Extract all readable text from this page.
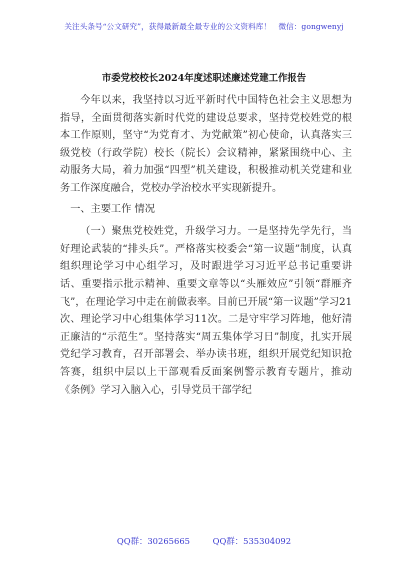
关注头条号“公文研究”，获得最新最全最专业的公文资料库！ 微信：gongwenyj
市委党校校长2024年度述职述廉述党建工作报告

今年以来，我坚持以习近平新时代中国特色社会主义思想为指导，全面贯彻落实新时代党的建设总要求，坚持党校姓党的根本工作原则，坚守“为党育才、为党献策”初心使命，认真落实三级党校（行政学院）校长（院长）会议精神，紧紧围绕中心、主动服务大局，着力加强“四型”机关建设，积极推动机关党建和业务工作深度融合，党校办学治校水平实现新提升。

一、主要工作 情况

（一）聚焦党校姓党，升级学习力。一是坚持先学先行，当好理论武装的“排头兵”。严格落实校委会“第一议题”制度，认真组织理论学习中心组学习，及时跟进学习习近平总书记重要讲话、重要指示批示精神、重要文章等以“头雁效应”引领“群雁齐飞”，在理论学习中走在前做表率。目前已开展“第一议题”学习21次、理论学习中心组集体学习11次。二是守牢学习阵地，他好清正廉洁的“示范生”。坚持落实“周五集体学习日”制度，扎实开展党纪学习教育，召开部署会、举办读书班，组织开展党纪知识抢答赛，组织中层以上干部观看反面案例警示教育专题片，推动《条例》学习入脑入心，引导党员干部学纪

QQ群：30265665	QQ群：535304092
